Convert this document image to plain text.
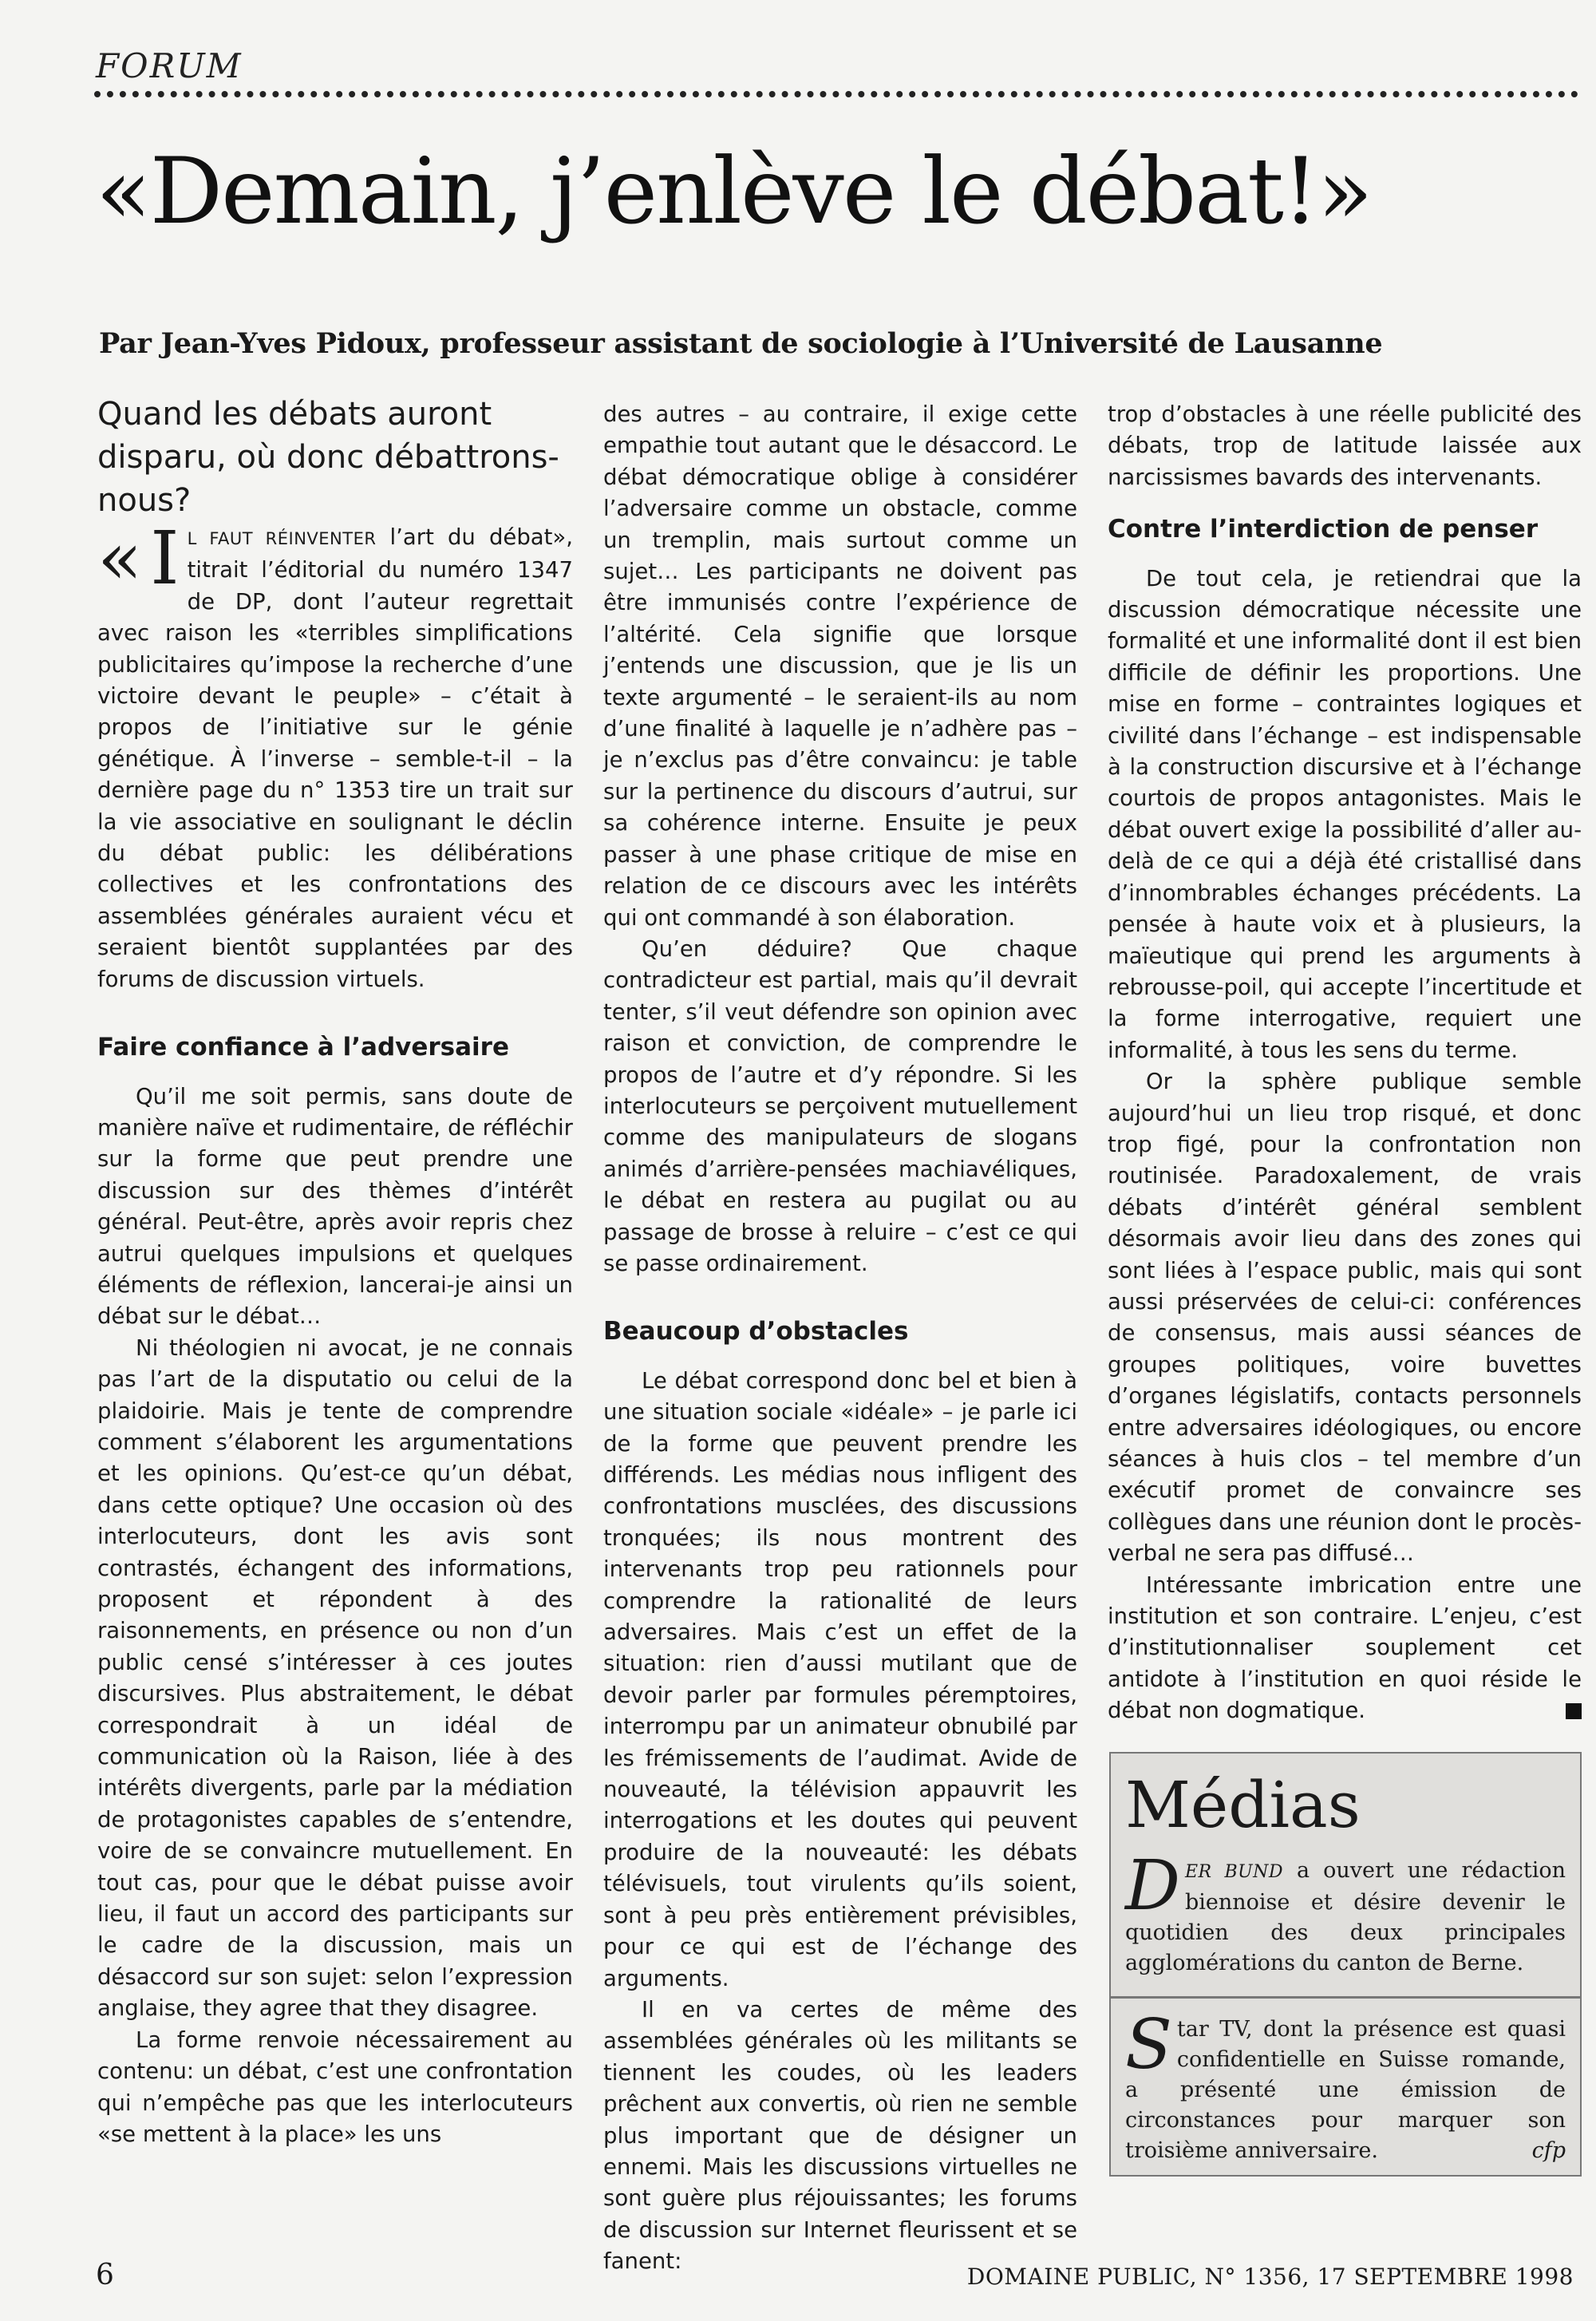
FORUM
«Demain, j’enlève le débat!»
Par Jean-Yves Pidoux, professeur assistant de sociologie à l’Université de Lausanne

Quand les débats auront disparu, où donc débattrons-nous?

« I L FAUT RÉINVENTER l’art du débat», titrait l’éditorial du numéro 1347 de DP, dont l’auteur regrettait avec raison les «terribles simplifications publicitaires qu’impose la recherche d’une victoire devant le peuple» – c’était à propos de l’initiative sur le génie génétique. À l’inverse – semble-t-il – la dernière page du n° 1353 tire un trait sur la vie associative en soulignant le déclin du débat public: les délibérations collectives et les confrontations des assemblées générales auraient vécu et seraient bientôt supplantées par des forums de discussion virtuels.

Faire confiance à l’adversaire

Qu’il me soit permis, sans doute de manière naïve et rudimentaire, de réfléchir sur la forme que peut prendre une discussion sur des thèmes d’intérêt général. Peut-être, après avoir repris chez autrui quelques impulsions et quelques éléments de réflexion, lancerai-je ainsi un débat sur le débat…

Ni théologien ni avocat, je ne connais pas l’art de la disputatio ou celui de la plaidoirie. Mais je tente de comprendre comment s’élaborent les argumentations et les opinions. Qu’est-ce qu’un débat, dans cette optique? Une occasion où des interlocuteurs, dont les avis sont contrastés, échangent des informations, proposent et répondent à des raisonnements, en présence ou non d’un public censé s’intéresser à ces joutes discursives. Plus abstraitement, le débat correspondrait à un idéal de communication où la Raison, liée à des intérêts divergents, parle par la médiation de protagonistes capables de s’entendre, voire de se convaincre mutuellement. En tout cas, pour que le débat puisse avoir lieu, il faut un accord des participants sur le cadre de la discussion, mais un désaccord sur son sujet: selon l’expression anglaise, they agree that they disagree.

La forme renvoie nécessairement au contenu: un débat, c’est une confrontation qui n’empêche pas que les interlocuteurs «se mettent à la place» les uns

des autres – au contraire, il exige cette empathie tout autant que le désaccord. Le débat démocratique oblige à considérer l’adversaire comme un obstacle, comme un tremplin, mais surtout comme un sujet… Les participants ne doivent pas être immunisés contre l’expérience de l’altérité. Cela signifie que lorsque j’entends une discussion, que je lis un texte argumenté – le seraient-ils au nom d’une finalité à laquelle je n’adhère pas – je n’exclus pas d’être convaincu: je table sur la pertinence du discours d’autrui, sur sa cohérence interne. Ensuite je peux passer à une phase critique de mise en relation de ce discours avec les intérêts qui ont commandé à son élaboration.

Qu’en déduire? Que chaque contradicteur est partial, mais qu’il devrait tenter, s’il veut défendre son opinion avec raison et conviction, de comprendre le propos de l’autre et d’y répondre. Si les interlocuteurs se perçoivent mutuellement comme des manipulateurs de slogans animés d’arrière-pensées machiavéliques, le débat en restera au pugilat ou au passage de brosse à reluire – c’est ce qui se passe ordinairement.

Beaucoup d’obstacles

Le débat correspond donc bel et bien à une situation sociale «idéale» – je parle ici de la forme que peuvent prendre les différends. Les médias nous infligent des confrontations musclées, des discussions tronquées; ils nous montrent des intervenants trop peu rationnels pour comprendre la rationalité de leurs adversaires. Mais c’est un effet de la situation: rien d’aussi mutilant que de devoir parler par formules péremptoires, interrompu par un animateur obnubilé par les frémissements de l’audimat. Avide de nouveauté, la télévision appauvrit les interrogations et les doutes qui peuvent produire de la nouveauté: les débats télévisuels, tout virulents qu’ils soient, sont à peu près entièrement prévisibles, pour ce qui est de l’échange des arguments.

Il en va certes de même des assemblées générales où les militants se tiennent les coudes, où les leaders prêchent aux convertis, où rien ne semble plus important que de désigner un ennemi. Mais les discussions virtuelles ne sont guère plus réjouissantes; les forums de discussion sur Internet fleurissent et se fanent:

trop d’obstacles à une réelle publicité des débats, trop de latitude laissée aux narcissismes bavards des intervenants.

Contre l’interdiction de penser

De tout cela, je retiendrai que la discussion démocratique nécessite une formalité et une informalité dont il est bien difficile de définir les proportions. Une mise en forme – contraintes logiques et civilité dans l’échange – est indispensable à la construction discursive et à l’échange courtois de propos antagonistes. Mais le débat ouvert exige la possibilité d’aller au-delà de ce qui a déjà été cristallisé dans d’innombrables échanges précédents. La pensée à haute voix et à plusieurs, la maïeutique qui prend les arguments à rebrousse-poil, qui accepte l’incertitude et la forme interrogative, requiert une informalité, à tous les sens du terme.

Or la sphère publique semble aujourd’hui un lieu trop risqué, et donc trop figé, pour la confrontation non routinisée. Paradoxalement, de vrais débats d’intérêt général semblent désormais avoir lieu dans des zones qui sont liées à l’espace public, mais qui sont aussi préservées de celui-ci: conférences de consensus, mais aussi séances de groupes politiques, voire buvettes d’organes législatifs, contacts personnels entre adversaires idéologiques, ou encore séances à huis clos – tel membre d’un exécutif promet de convaincre ses collègues dans une réunion dont le procès-verbal ne sera pas diffusé…

Intéressante imbrication entre une institution et son contraire. L’enjeu, c’est d’institutionnaliser souplement cet antidote à l’institution en quoi réside le débat non dogmatique.

Médias

DER BUND a ouvert une rédaction biennoise et désire devenir le quotidien des deux principales agglomérations du canton de Berne.

Star TV, dont la présence est quasi confidentielle en Suisse romande, a présenté une émission de circonstances pour marquer son troisième anniversaire.	cfp

6	DOMAINE PUBLIC, N° 1356, 17 SEPTEMBRE 1998
